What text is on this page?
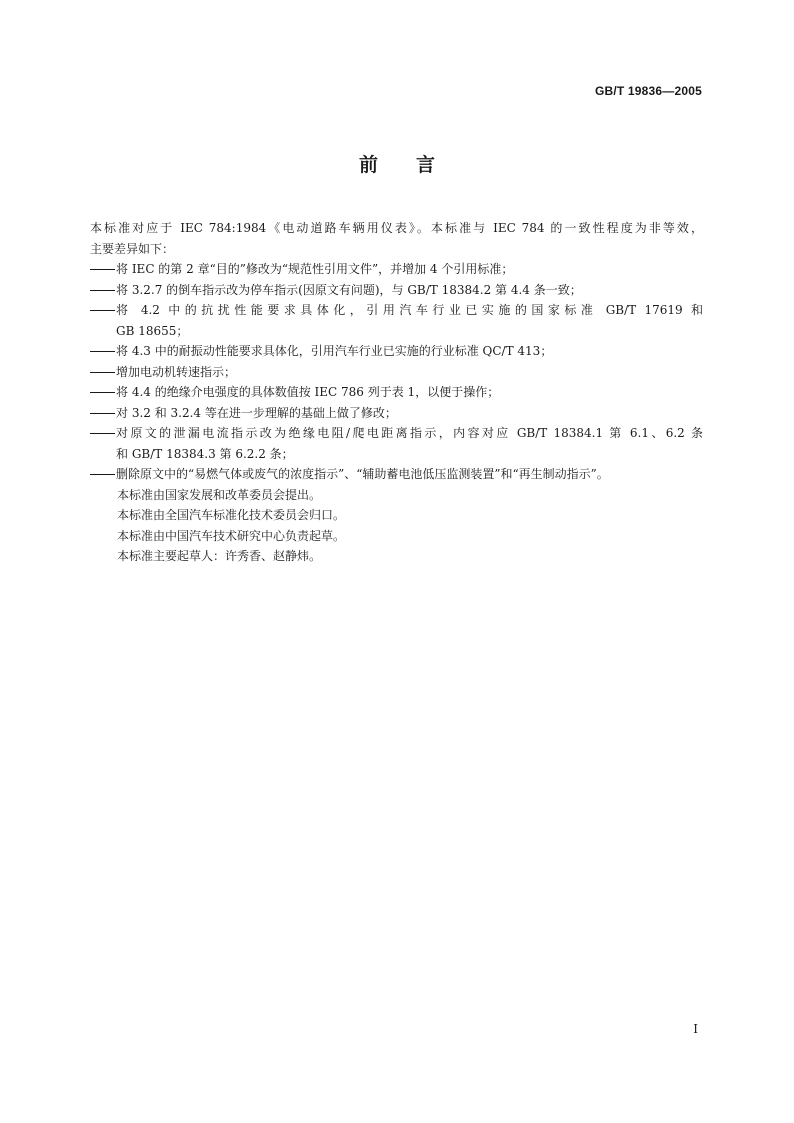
GB/T 19836—2005
前言
本标准对应于 IEC 784:1984《电动道路车辆用仪表》。本标准与 IEC 784 的一致性程度为非等效，
主要差异如下：
将 IEC 的第 2 章“目的”修改为“规范性引用文件”，并增加 4 个引用标准；
将 3.2.7 的倒车指示改为停车指示(因原文有问题)，与 GB/T 18384.2 第 4.4 条一致；
将 4.2 中的抗扰性能要求具体化，引用汽车行业已实施的国家标准 GB/T 17619 和
GB 18655；
将 4.3 中的耐振动性能要求具体化，引用汽车行业已实施的行业标准 QC/T 413；
增加电动机转速指示；
将 4.4 的绝缘介电强度的具体数值按 IEC 786 列于表 1，以便于操作；
对 3.2 和 3.2.4 等在进一步理解的基础上做了修改；
对原文的泄漏电流指示改为绝缘电阻/爬电距离指示，内容对应 GB/T 18384.1 第 6.1、6.2 条
和 GB/T 18384.3 第 6.2.2 条；
删除原文中的“易燃气体或废气的浓度指示”、“辅助蓄电池低压监测装置”和“再生制动指示”。
本标准由国家发展和改革委员会提出。
本标准由全国汽车标准化技术委员会归口。
本标准由中国汽车技术研究中心负责起草。
本标准主要起草人：许秀香、赵静炜。
I
